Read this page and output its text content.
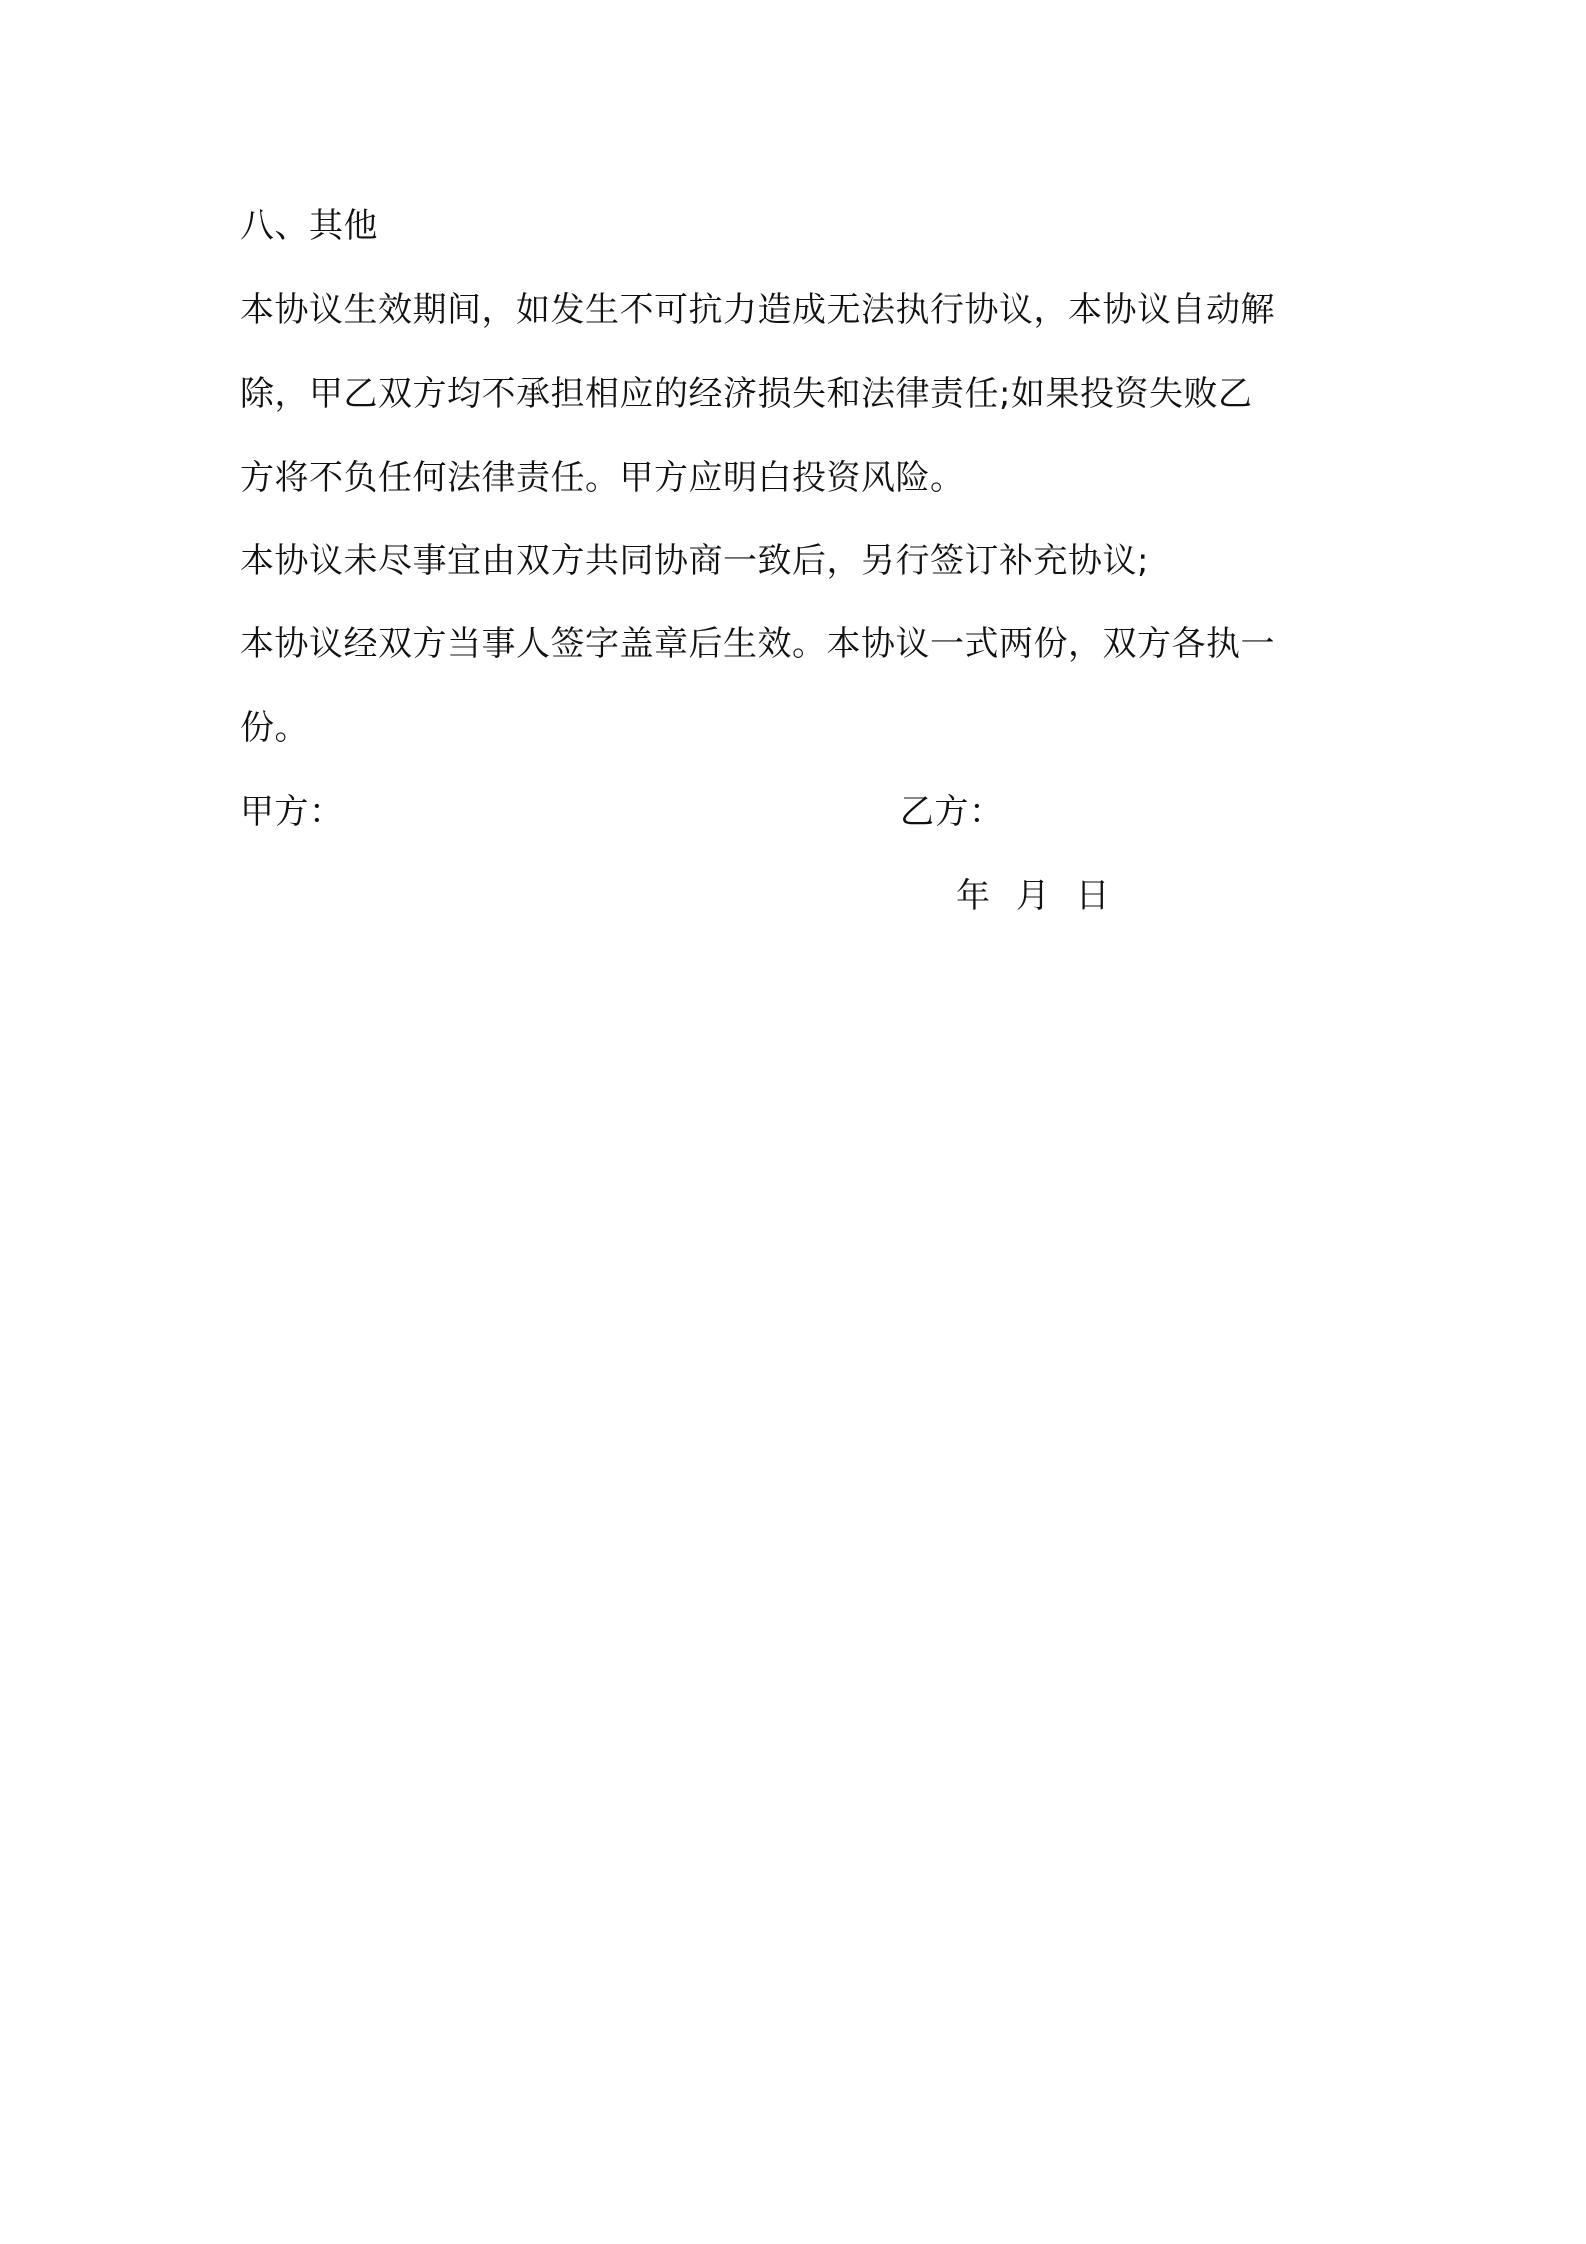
八、其他
本协议生效期间，如发生不可抗力造成无法执行协议，本协议自动解
除，甲乙双方均不承担相应的经济损失和法律责任;如果投资失败乙
方将不负任何法律责任。甲方应明白投资风险。
本协议未尽事宜由双方共同协商一致后，另行签订补充协议;
本协议经双方当事人签字盖章后生效。本协议一式两份，双方各执一
份。
甲方：	乙方：
年 月 日
